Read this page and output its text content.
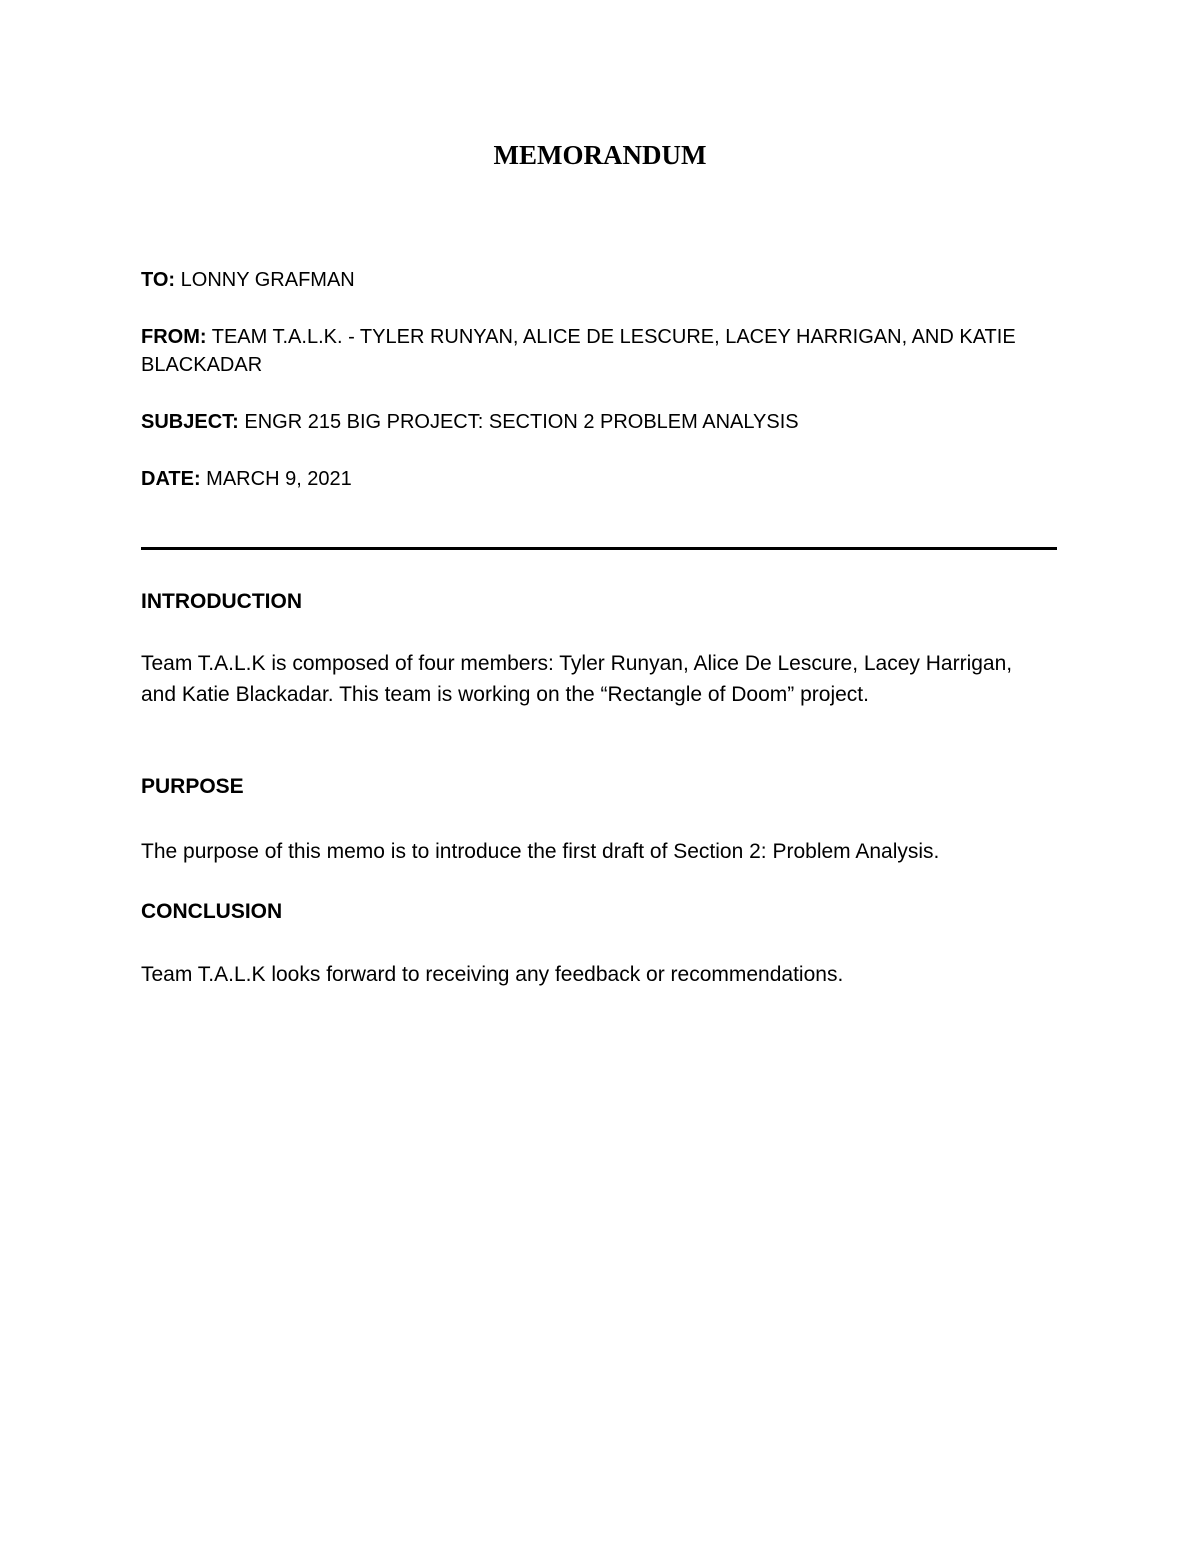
MEMORANDUM
TO: LONNY GRAFMAN
FROM: TEAM T.A.L.K. - TYLER RUNYAN, ALICE DE LESCURE, LACEY HARRIGAN, AND KATIE BLACKADAR
SUBJECT: ENGR 215 BIG PROJECT: SECTION 2 PROBLEM ANALYSIS
DATE: MARCH 9, 2021
INTRODUCTION
Team T.A.L.K is composed of four members: Tyler Runyan, Alice De Lescure, Lacey Harrigan, and Katie Blackadar. This team is working on the “Rectangle of Doom” project.
PURPOSE
The purpose of this memo is to introduce the first draft of Section 2: Problem Analysis.
CONCLUSION
Team T.A.L.K looks forward to receiving any feedback or recommendations.
